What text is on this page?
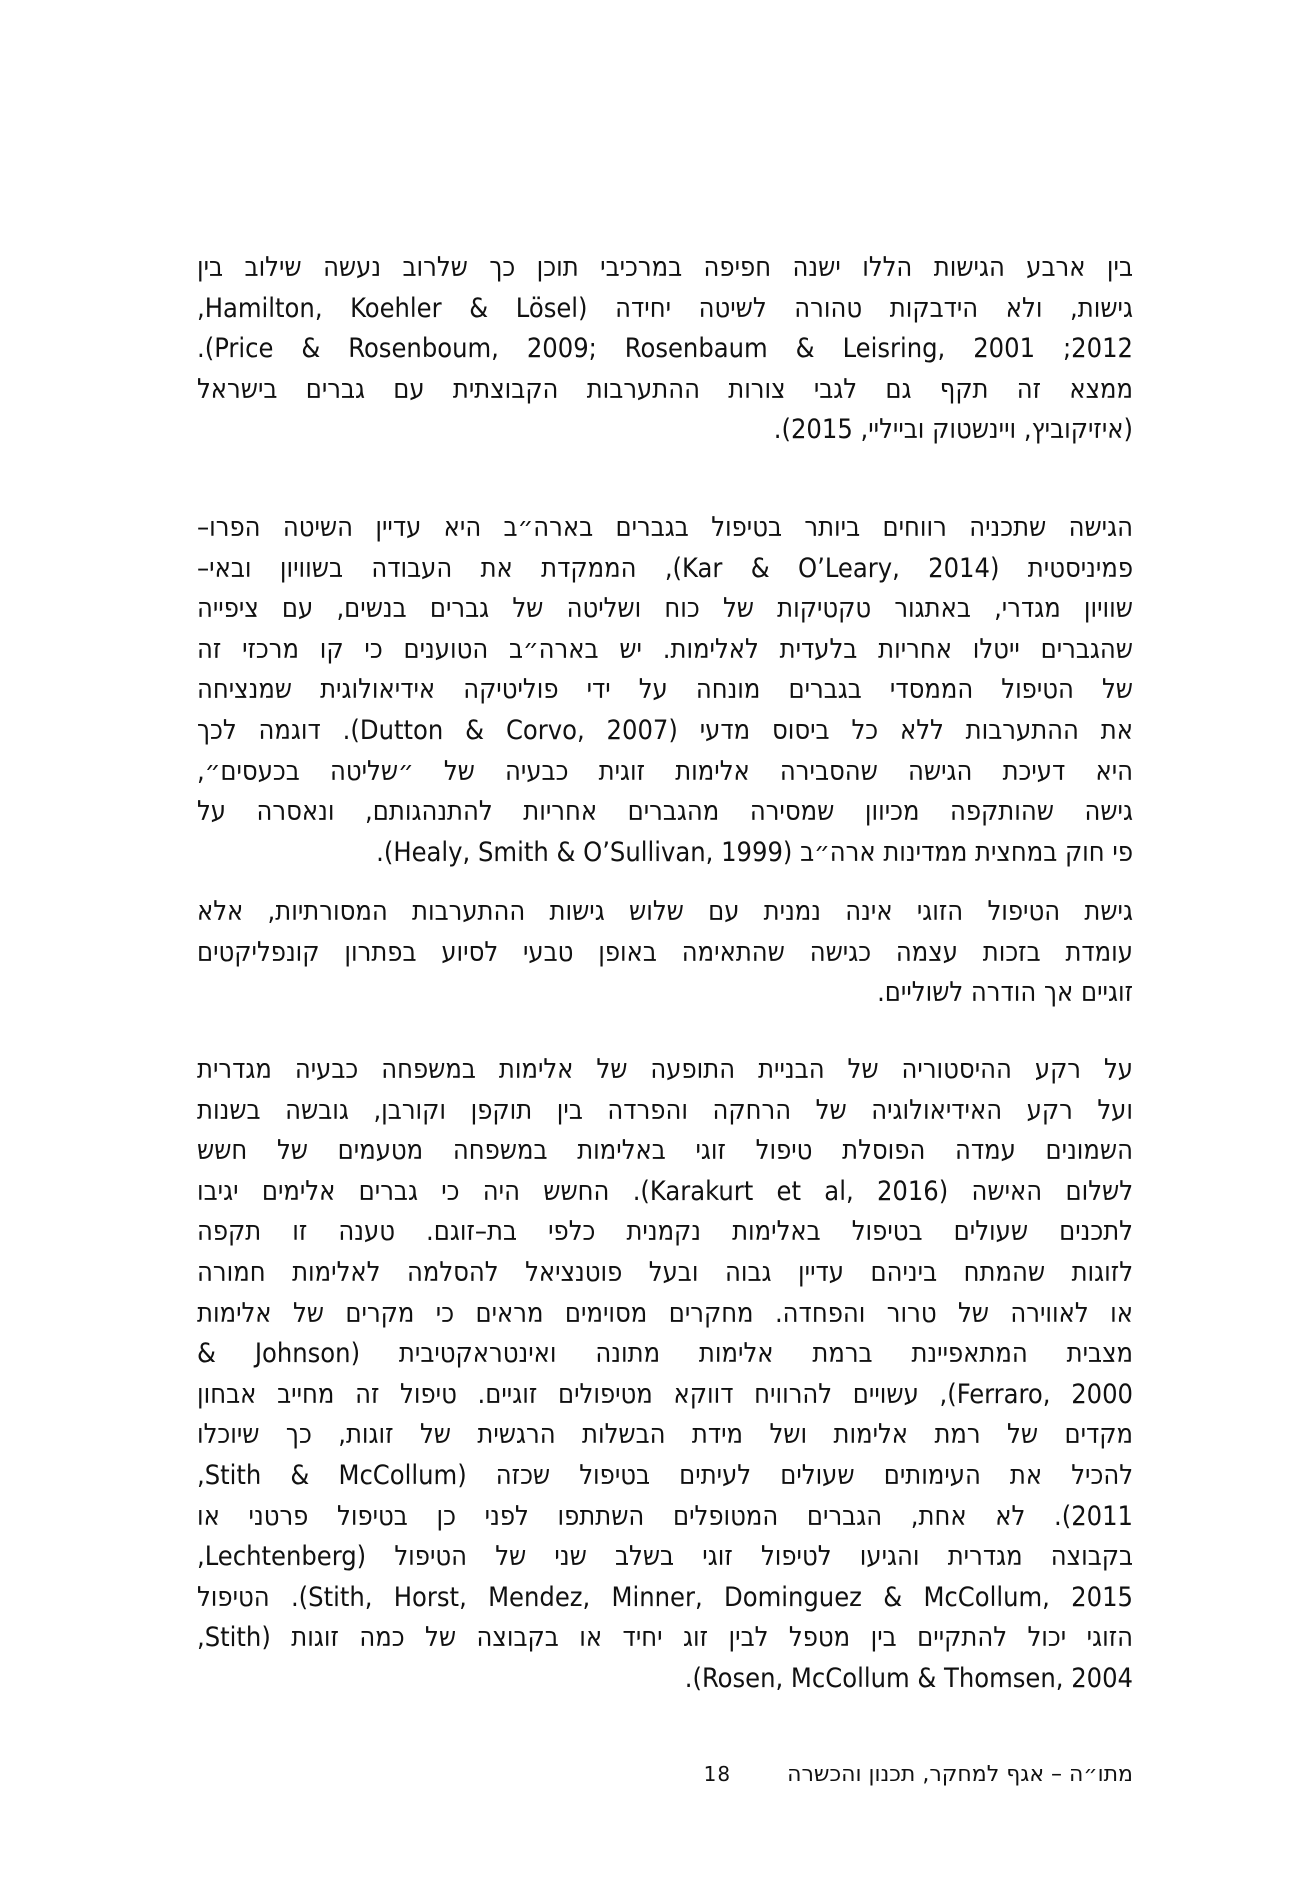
בין ארבע הגישות הללו ישנה חפיפה במרכיבי תוכן כך שלרוב נעשה שילוב בין
גישות, ולא הידבקות טהורה לשיטה יחידה (Hamilton, Koehler & Lösel,
2012; Price & Rosenboum, 2009; Rosenbaum & Leisring, 2001).
ממצא זה תקף גם לגבי צורות ההתערבות הקבוצתית עם גברים בישראל
(איזיקוביץ, ויינשטוק ובייליי, 2015).

הגישה שתכניה רווחים ביותר בטיפול בגברים בארה״ב היא עדיין השיטה הפרו–
פמיניסטית (Kar & O’Leary, 2014), הממקדת את העבודה בשוויון ובאי–
שוויון מגדרי, באתגור טקטיקות של כוח ושליטה של גברים בנשים, עם ציפייה
שהגברים ייטלו אחריות בלעדית לאלימות. יש בארה״ב הטוענים כי קו מרכזי זה
של הטיפול הממסדי בגברים מונחה על ידי פוליטיקה אידיאולוגית שמנציחה
את ההתערבות ללא כל ביסוס מדעי (Dutton & Corvo, 2007). דוגמה לכך
היא דעיכת הגישה שהסבירה אלימות זוגית כבעיה של ״שליטה בכעסים״,
גישה שהותקפה מכיוון שמסירה מהגברים אחריות להתנהגותם, ונאסרה על
פי חוק במחצית ממדינות ארה״ב (Healy, Smith & O’Sullivan, 1999).

גישת הטיפול הזוגי אינה נמנית עם שלוש גישות ההתערבות המסורתיות, אלא
עומדת בזכות עצמה כגישה שהתאימה באופן טבעי לסיוע בפתרון קונפליקטים
זוגיים אך הודרה לשוליים.

על רקע ההיסטוריה של הבניית התופעה של אלימות במשפחה כבעיה מגדרית
ועל רקע האידיאולוגיה של הרחקה והפרדה בין תוקפן וקורבן, גובשה בשנות
השמונים עמדה הפוסלת טיפול זוגי באלימות במשפחה מטעמים של חשש
לשלום האישה (Karakurt et al, 2016). החשש היה כי גברים אלימים יגיבו
לתכנים שעולים בטיפול באלימות נקמנית כלפי בת–זוגם. טענה זו תקפה
לזוגות שהמתח ביניהם עדיין גבוה ובעל פוטנציאל להסלמה לאלימות חמורה
או לאווירה של טרור והפחדה. מחקרים מסוימים מראים כי מקרים של אלימות
מצבית המתאפיינת ברמת אלימות מתונה ואינטראקטיבית (Johnson &
Ferraro, 2000), עשויים להרוויח דווקא מטיפולים זוגיים. טיפול זה מחייב אבחון
מקדים של רמת אלימות ושל מידת הבשלות הרגשית של זוגות, כך שיוכלו
להכיל את העימותים שעולים לעיתים בטיפול שכזה (Stith & McCollum,
2011). לא אחת, הגברים המטופלים השתתפו לפני כן בטיפול פרטני או
בקבוצה מגדרית והגיעו לטיפול זוגי בשלב שני של הטיפול (Lechtenberg,
Stith, Horst, Mendez, Minner, Dominguez & McCollum, 2015). הטיפול
הזוגי יכול להתקיים בין מטפל לבין זוג יחיד או בקבוצה של כמה זוגות (Stith,
Rosen, McCollum & Thomsen, 2004).

מתו״ה – אגף למחקר, תכנון והכשרה
18
